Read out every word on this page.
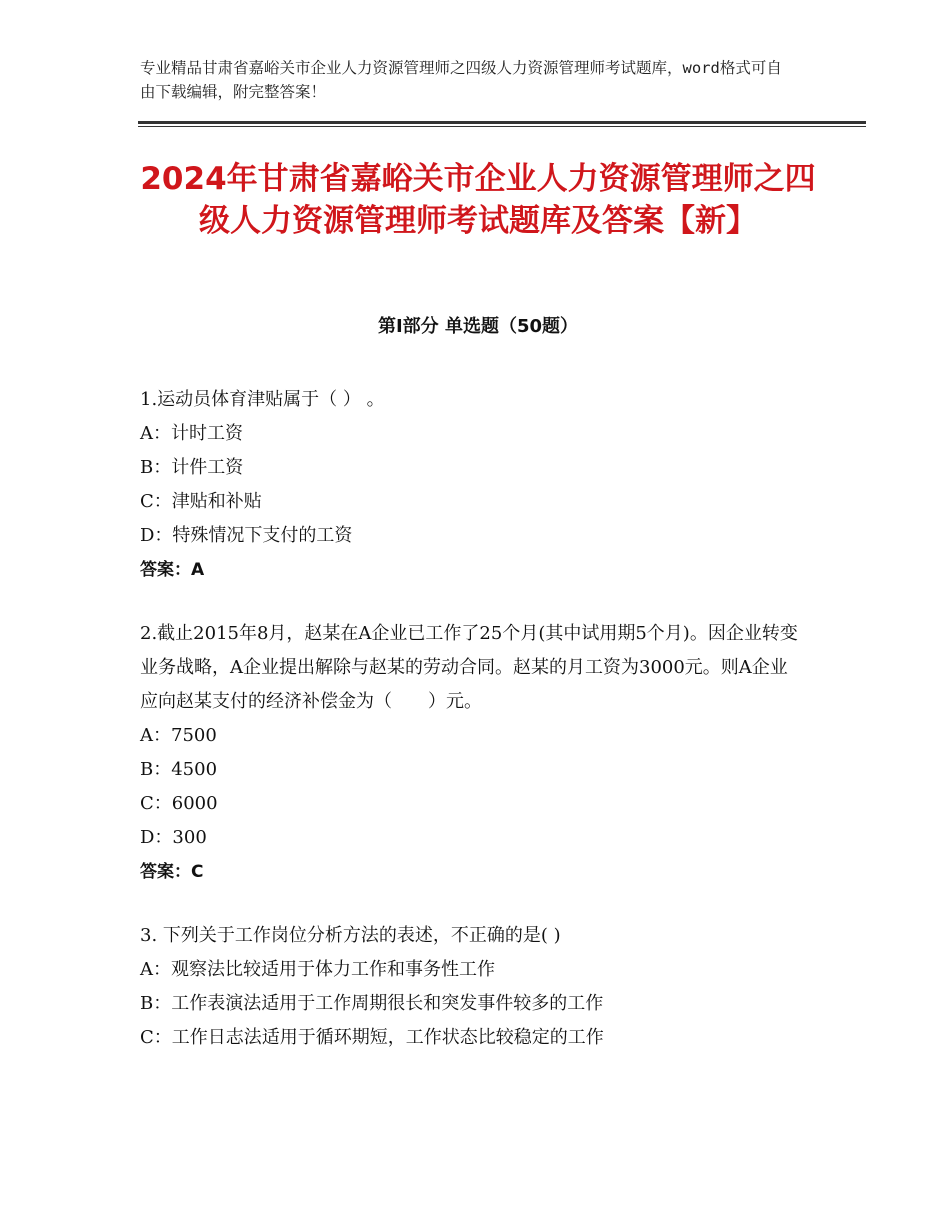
专业精品甘肃省嘉峪关市企业人力资源管理师之四级人力资源管理师考试题库，word格式可自由下载编辑，附完整答案！
2024年甘肃省嘉峪关市企业人力资源管理师之四级人力资源管理师考试题库及答案【新】
第Ⅰ部分 单选题（50题）
1.运动员体育津贴属于（ ） 。
A：计时工资
B：计件工资
C：津贴和补贴
D：特殊情况下支付的工资
答案：A
2.截止2015年8月，赵某在A企业已工作了25个月(其中试用期5个月)。因企业转变业务战略，A企业提出解除与赵某的劳动合同。赵某的月工资为3000元。则A企业应向赵某支付的经济补偿金为（　　）元。
A：7500
B：4500
C：6000
D：300
答案：C
3. 下列关于工作岗位分析方法的表述，不正确的是( )
A：观察法比较适用于体力工作和事务性工作
B：工作表演法适用于工作周期很长和突发事件较多的工作
C：工作日志法适用于循环期短，工作状态比较稳定的工作
